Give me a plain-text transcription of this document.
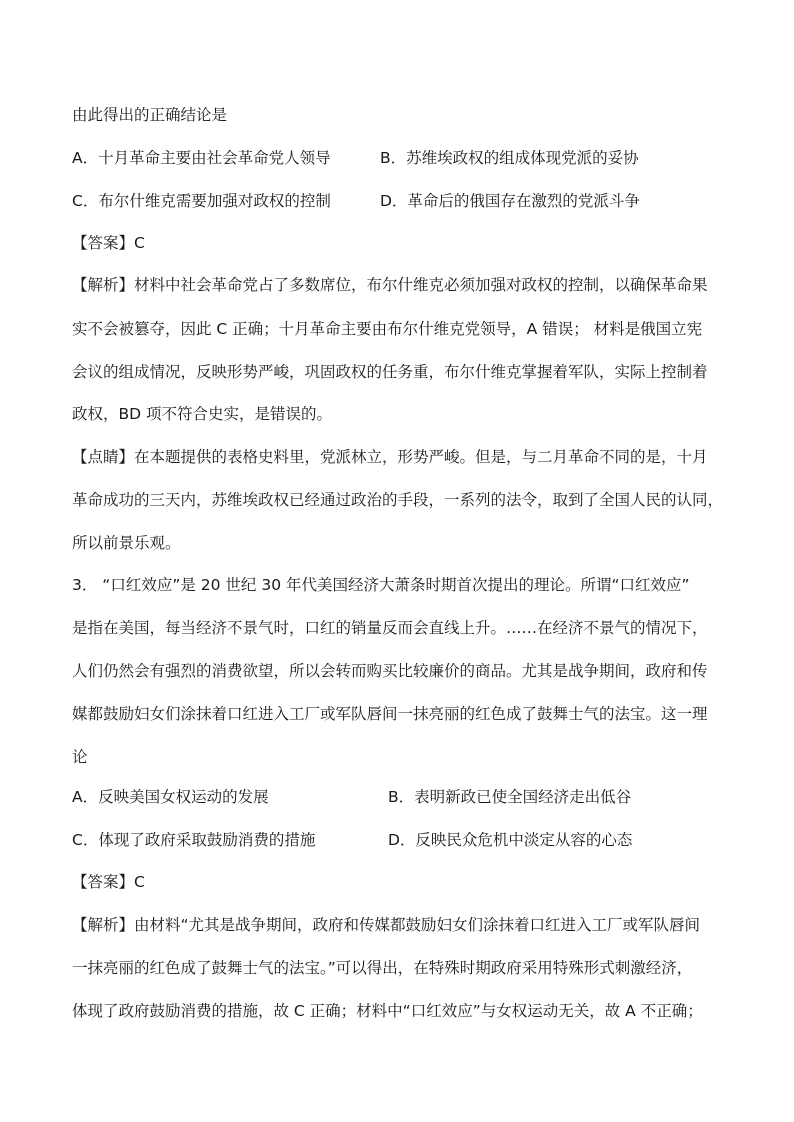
由此得出的正确结论是
A．十月革命主要由社会革命党人领导	B．苏维埃政权的组成体现党派的妥协
C．布尔什维克需要加强对政权的控制	D．革命后的俄国存在激烈的党派斗争
【答案】C
【解析】材料中社会革命党占了多数席位，布尔什维克必须加强对政权的控制，以确保革命果
实不会被篡夺，因此 C 正确；十月革命主要由布尔什维克党领导，A 错误； 材料是俄国立宪
会议的组成情况，反映形势严峻，巩固政权的任务重，布尔什维克掌握着军队，实际上控制着
政权，BD 项不符合史实，是错误的。
【点睛】在本题提供的表格史料里，党派林立，形势严峻。但是，与二月革命不同的是，十月
革命成功的三天内，苏维埃政权已经通过政治的手段，一系列的法令，取到了全国人民的认同，
所以前景乐观。
3． “口红效应”是 20 世纪 30 年代美国经济大萧条时期首次提出的理论。所谓“口红效应”
是指在美国，每当经济不景气时，口红的销量反而会直线上升。……在经济不景气的情况下，
人们仍然会有强烈的消费欲望，所以会转而购买比较廉价的商品。尤其是战争期间，政府和传
媒都鼓励妇女们涂抹着口红进入工厂或军队唇间一抹亮丽的红色成了鼓舞士气的法宝。这一理
论
A．反映美国女权运动的发展	B．表明新政已使全国经济走出低谷
C．体现了政府采取鼓励消费的措施	D．反映民众危机中淡定从容的心态
【答案】C
【解析】由材料“尤其是战争期间，政府和传媒都鼓励妇女们涂抹着口红进入工厂或军队唇间
一抹亮丽的红色成了鼓舞士气的法宝。”可以得出，在特殊时期政府采用特殊形式刺激经济，
体现了政府鼓励消费的措施，故 C 正确；材料中“口红效应”与女权运动无关，故 A 不正确；
